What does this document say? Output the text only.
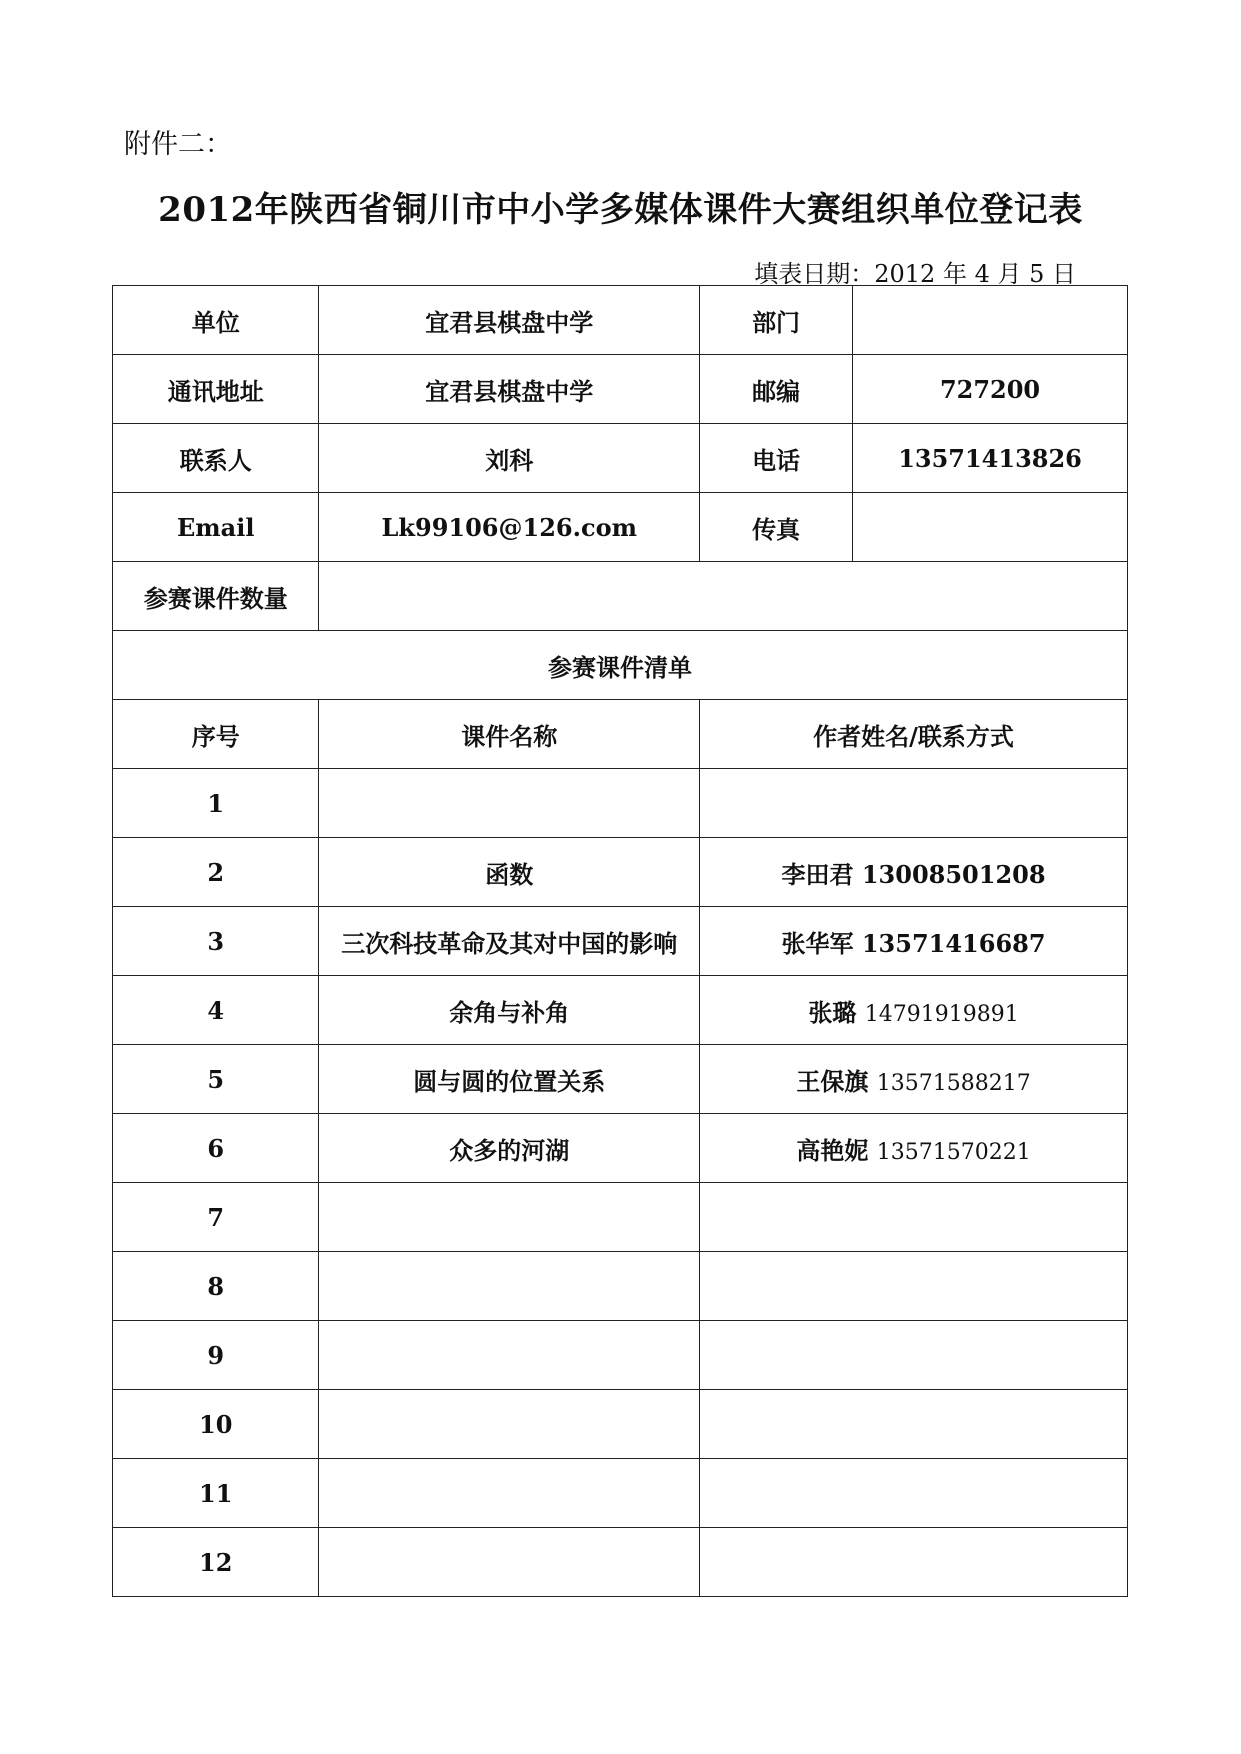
附件二：
2012年陕西省铜川市中小学多媒体课件大赛组织单位登记表
填表日期：2012 年 4 月 5 日
单位	宜君县棋盘中学	部门	
通讯地址	宜君县棋盘中学	邮编	727200
联系人	刘科	电话	13571413826
Email	Lk99106@126.com	传真	
参赛课件数量			
参赛课件清单			
序号	课件名称	作者姓名/联系方式	
1			
2	函数	李田君 13008501208	
3	三次科技革命及其对中国的影响	张华军 13571416687	
4	余角与补角	张璐 14791919891	
5	圆与圆的位置关系	王保旗 13571588217	
6	众多的河湖	高艳妮 13571570221	
7			
8			
9			
10			
11			
12			
